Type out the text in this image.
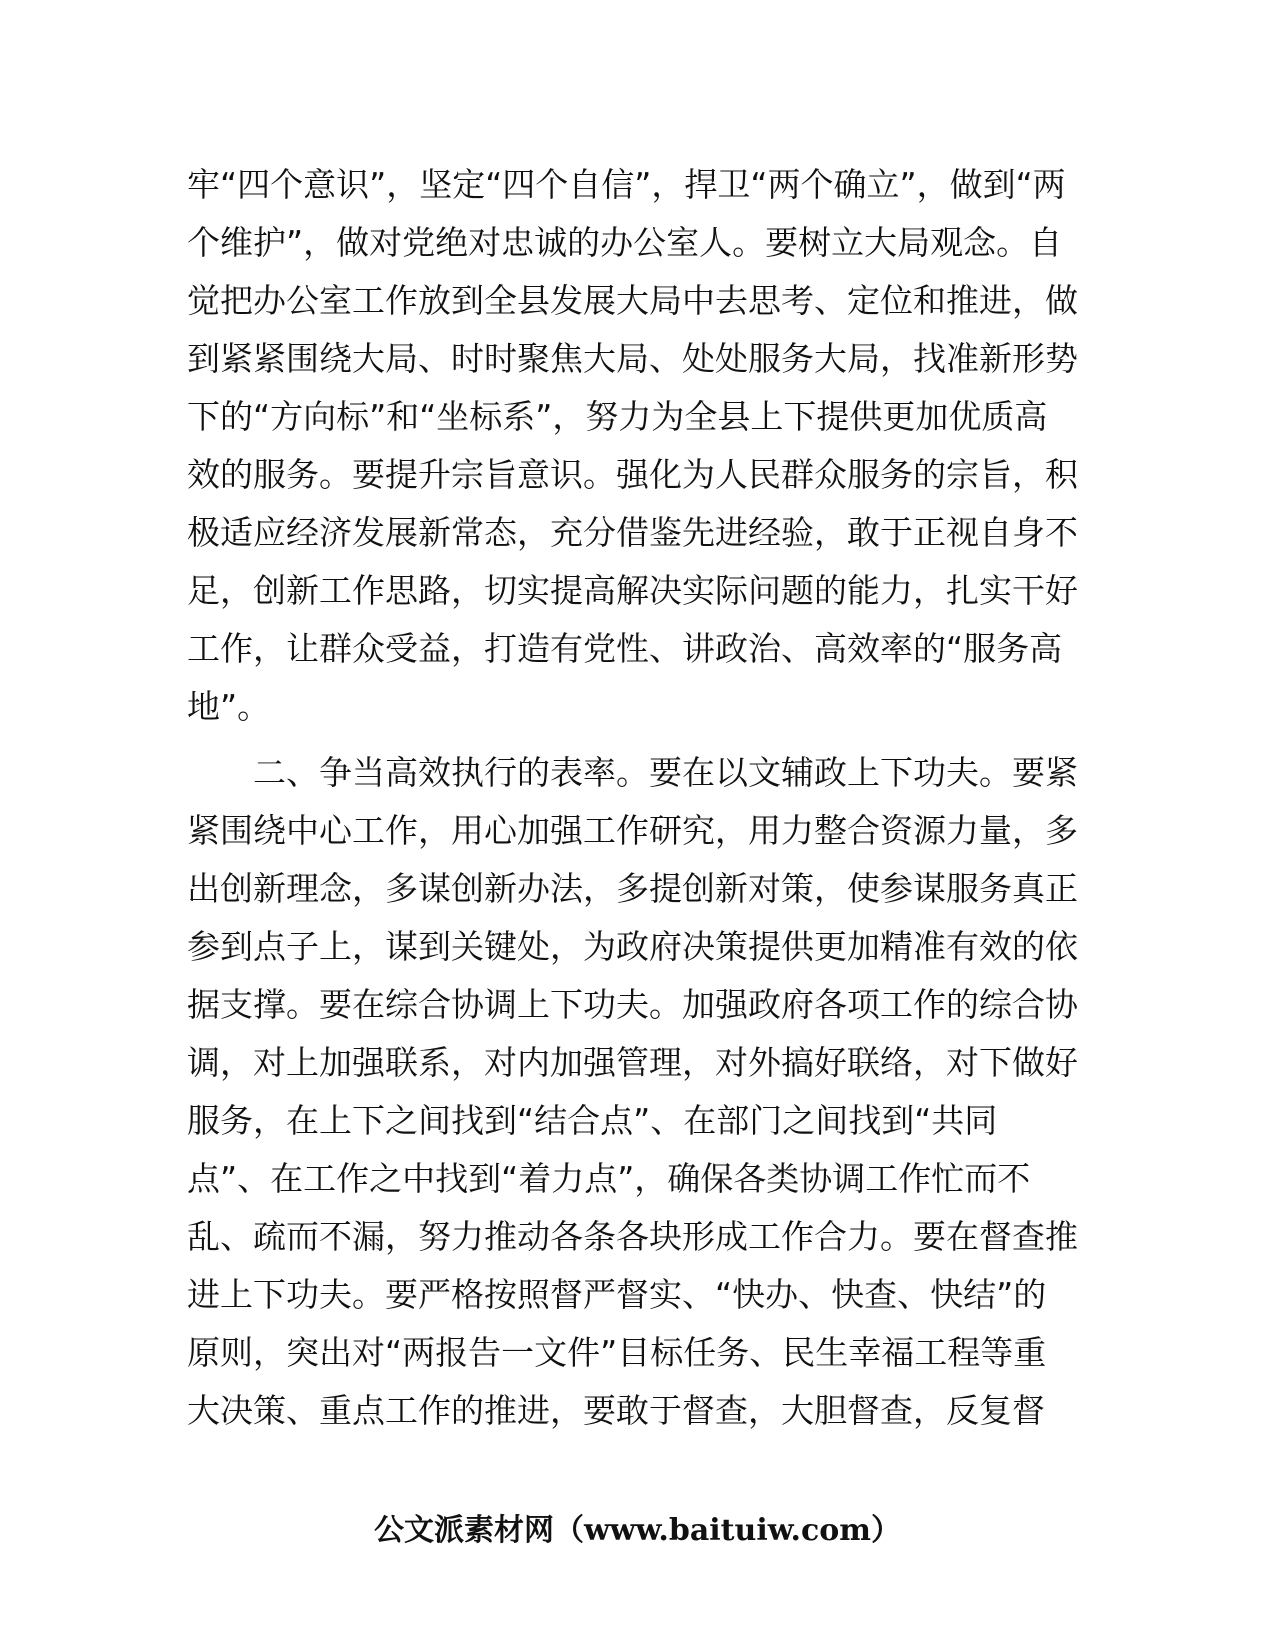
牢“四个意识”，坚定“四个自信”，捍卫“两个确立”，做到“两
个维护”，做对党绝对忠诚的办公室人。要树立大局观念。自
觉把办公室工作放到全县发展大局中去思考、定位和推进，做
到紧紧围绕大局、时时聚焦大局、处处服务大局，找准新形势
下的“方向标”和“坐标系”，努力为全县上下提供更加优质高
效的服务。要提升宗旨意识。强化为人民群众服务的宗旨，积
极适应经济发展新常态，充分借鉴先进经验，敢于正视自身不
足，创新工作思路，切实提高解决实际问题的能力，扎实干好
工作，让群众受益，打造有党性、讲政治、高效率的“服务高
地”。
二、争当高效执行的表率。要在以文辅政上下功夫。要紧
紧围绕中心工作，用心加强工作研究，用力整合资源力量，多
出创新理念，多谋创新办法，多提创新对策，使参谋服务真正
参到点子上，谋到关键处，为政府决策提供更加精准有效的依
据支撑。要在综合协调上下功夫。加强政府各项工作的综合协
调，对上加强联系，对内加强管理，对外搞好联络，对下做好
服务，在上下之间找到“结合点”、在部门之间找到“共同
点”、在工作之中找到“着力点”，确保各类协调工作忙而不
乱、疏而不漏，努力推动各条各块形成工作合力。要在督查推
进上下功夫。要严格按照督严督实、“快办、快查、快结”的
原则，突出对“两报告一文件”目标任务、民生幸福工程等重
大决策、重点工作的推进，要敢于督查，大胆督查，反复督
公文派素材网（www.baituiw.com）
